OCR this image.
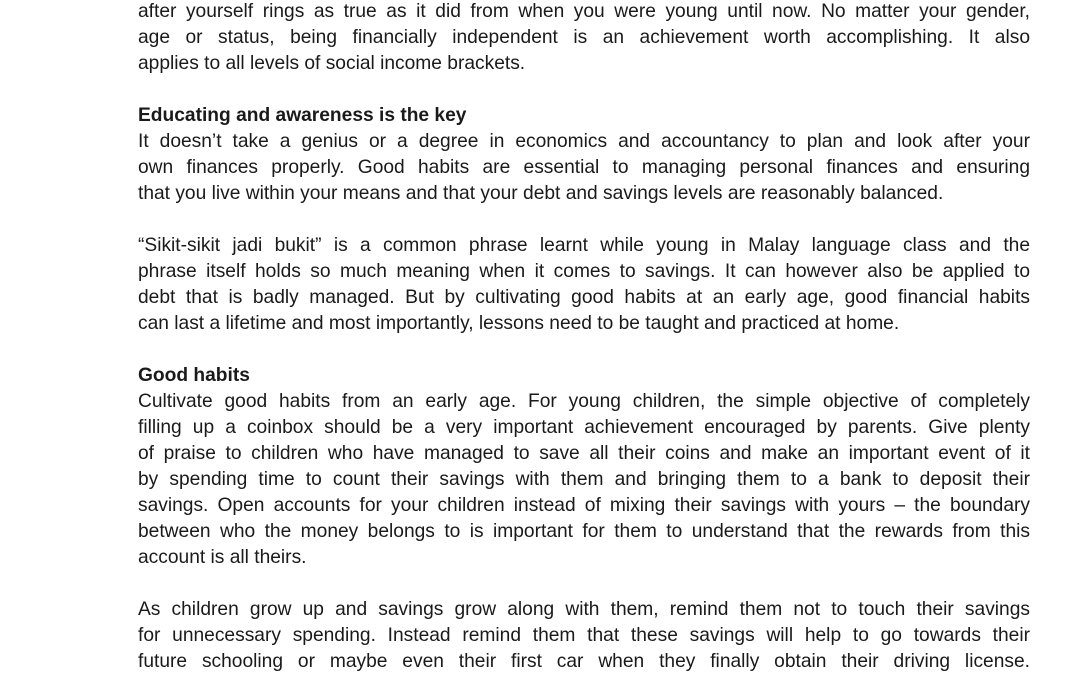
after yourself rings as true as it did from when you were young until now. No matter your gender,
age or status, being financially independent is an achievement worth accomplishing. It also
applies to all levels of social income brackets.
Educating and awareness is the key
It doesn’t take a genius or a degree in economics and accountancy to plan and look after your
own finances properly. Good habits are essential to managing personal finances and ensuring
that you live within your means and that your debt and savings levels are reasonably balanced.
“Sikit-sikit jadi bukit” is a common phrase learnt while young in Malay language class and the
phrase itself holds so much meaning when it comes to savings. It can however also be applied to
debt that is badly managed. But by cultivating good habits at an early age, good financial habits
can last a lifetime and most importantly, lessons need to be taught and practiced at home.
Good habits
Cultivate good habits from an early age. For young children, the simple objective of completely
filling up a coinbox should be a very important achievement encouraged by parents. Give plenty
of praise to children who have managed to save all their coins and make an important event of it
by spending time to count their savings with them and bringing them to a bank to deposit their
savings. Open accounts for your children instead of mixing their savings with yours – the boundary
between who the money belongs to is important for them to understand that the rewards from this
account is all theirs.
As children grow up and savings grow along with them, remind them not to touch their savings
for unnecessary spending. Instead remind them that these savings will help to go towards their
future schooling or maybe even their first car when they finally obtain their driving license.
